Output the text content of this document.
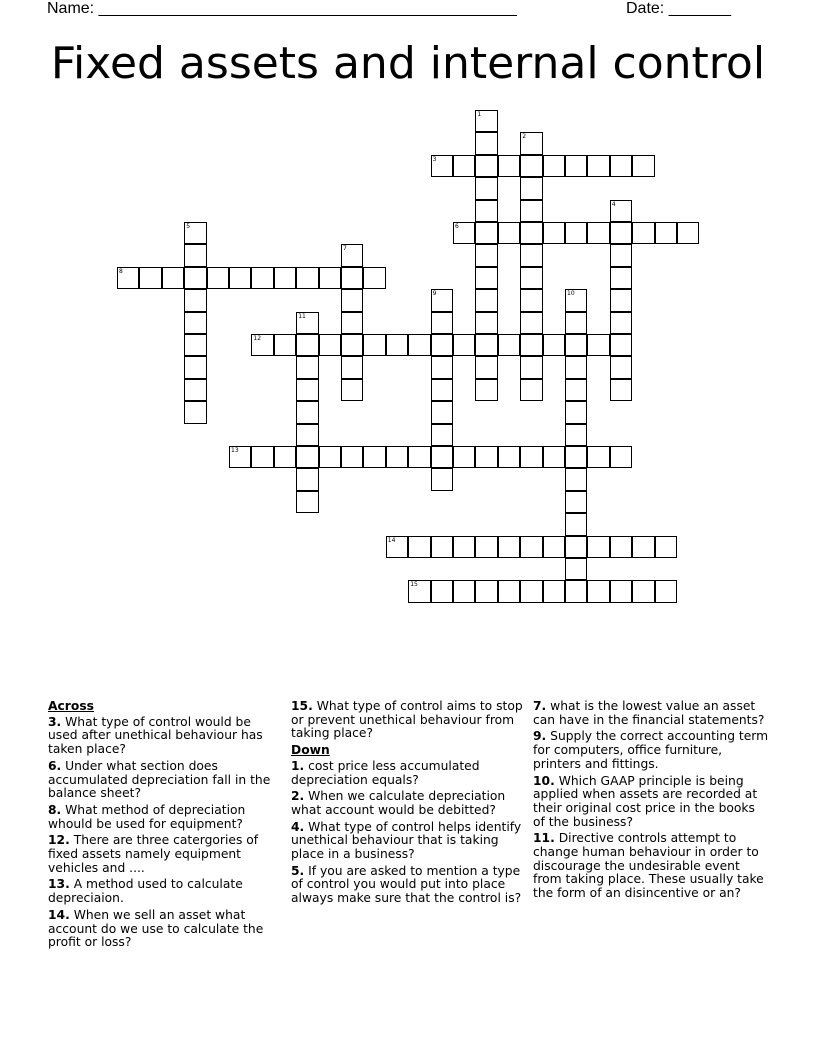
Name: _______________________________________________	Date: _______
Fixed assets and internal control
1
2
3
4
5	6
7
8
9	10
11
12
13
14
15
Across
3. What type of control would be used after unethical behaviour has taken place?
6. Under what section does accumulated depreciation fall in the balance sheet?
8. What method of depreciation whould be used for equipment?
12. There are three catergories of fixed assets namely equipment vehicles and ....
13. A method used to calculate depreciaion.
14. When we sell an asset what account do we use to calculate the profit or loss?
15. What type of control aims to stop or prevent unethical behaviour from taking place?
Down
1. cost price less accumulated depreciation equals?
2. When we calculate depreciation what account would be debitted?
4. What type of control helps identify unethical behaviour that is taking place in a business?
5. If you are asked to mention a type of control you would put into place always make sure that the control is?
7. what is the lowest value an asset can have in the financial statements?
9. Supply the correct accounting term for computers, office furniture, printers and fittings.
10. Which GAAP principle is being applied when assets are recorded at their original cost price in the books of the business?
11. Directive controls attempt to change human behaviour in order to discourage the undesirable event from taking place. These usually take the form of an disincentive or an?
